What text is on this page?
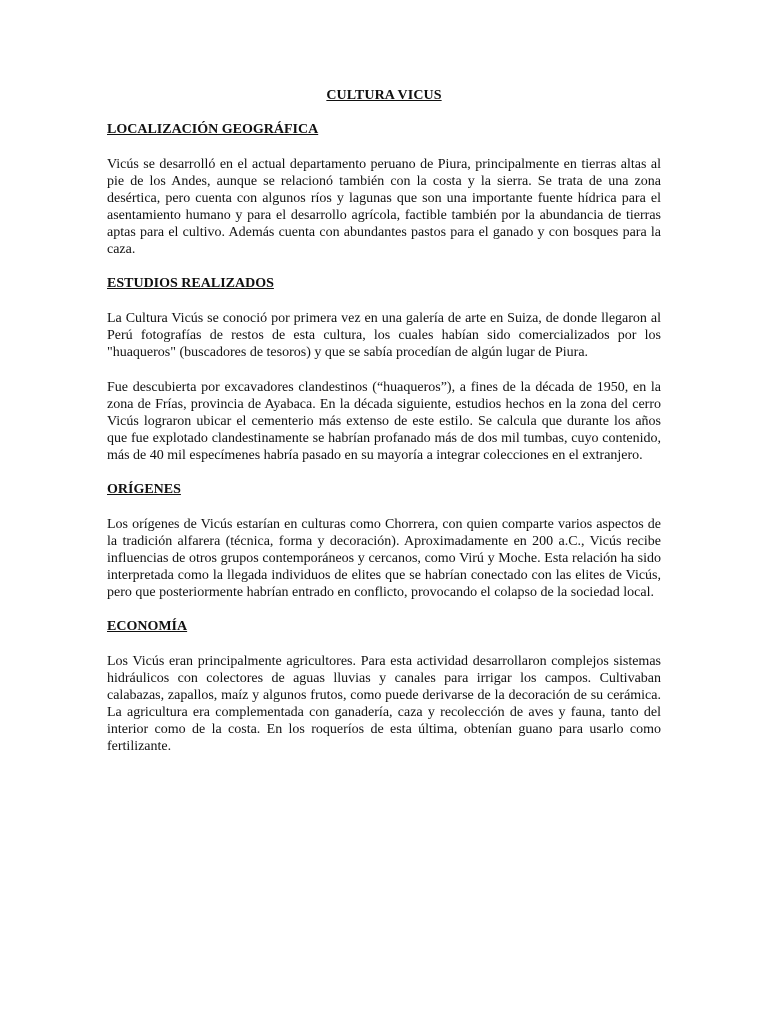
CULTURA VICUS
LOCALIZACIÓN GEOGRÁFICA

Vicús se desarrolló en el actual departamento peruano de Piura, principalmente en tierras altas al pie de los Andes, aunque se relacionó también con la costa y la sierra. Se trata de una zona desértica, pero cuenta con algunos ríos y lagunas que son una importante fuente hídrica para el asentamiento humano y para el desarrollo agrícola, factible también por la abundancia de tierras aptas para el cultivo. Además cuenta con abundantes pastos para el ganado y con bosques para la caza.

ESTUDIOS REALIZADOS

La Cultura Vicús se conoció por primera vez en una galería de arte en Suiza, de donde llegaron al Perú fotografías de restos de esta cultura, los cuales habían sido comercializados por los "huaqueros" (buscadores de tesoros) y que se sabía procedían de algún lugar de Piura.

Fue descubierta por excavadores clandestinos (“huaqueros”), a fines de la década de 1950, en la zona de Frías, provincia de Ayabaca. En la década siguiente, estudios hechos en la zona del cerro Vicús lograron ubicar el cementerio más extenso de este estilo. Se calcula que durante los años que fue explotado clandestinamente se habrían profanado más de dos mil tumbas, cuyo contenido, más de 40 mil especímenes habría pasado en su mayoría a integrar colecciones en el extranjero.

ORÍGENES

Los orígenes de Vicús estarían en culturas como Chorrera, con quien comparte varios aspectos de la tradición alfarera (técnica, forma y decoración). Aproximadamente en 200 a.C., Vicús recibe influencias de otros grupos contemporáneos y cercanos, como Virú y Moche. Esta relación ha sido interpretada como la llegada individuos de elites que se habrían conectado con las elites de Vicús, pero que posteriormente habrían entrado en conflicto, provocando el colapso de la sociedad local.

ECONOMÍA

Los Vicús eran principalmente agricultores. Para esta actividad desarrollaron complejos sistemas hidráulicos con colectores de aguas lluvias y canales para irrigar los campos. Cultivaban calabazas, zapallos, maíz y algunos frutos, como puede derivarse de la decoración de su cerámica. La agricultura era complementada con ganadería, caza y recolección de aves y fauna, tanto del interior como de la costa. En los roqueríos de esta última, obtenían guano para usarlo como fertilizante.
